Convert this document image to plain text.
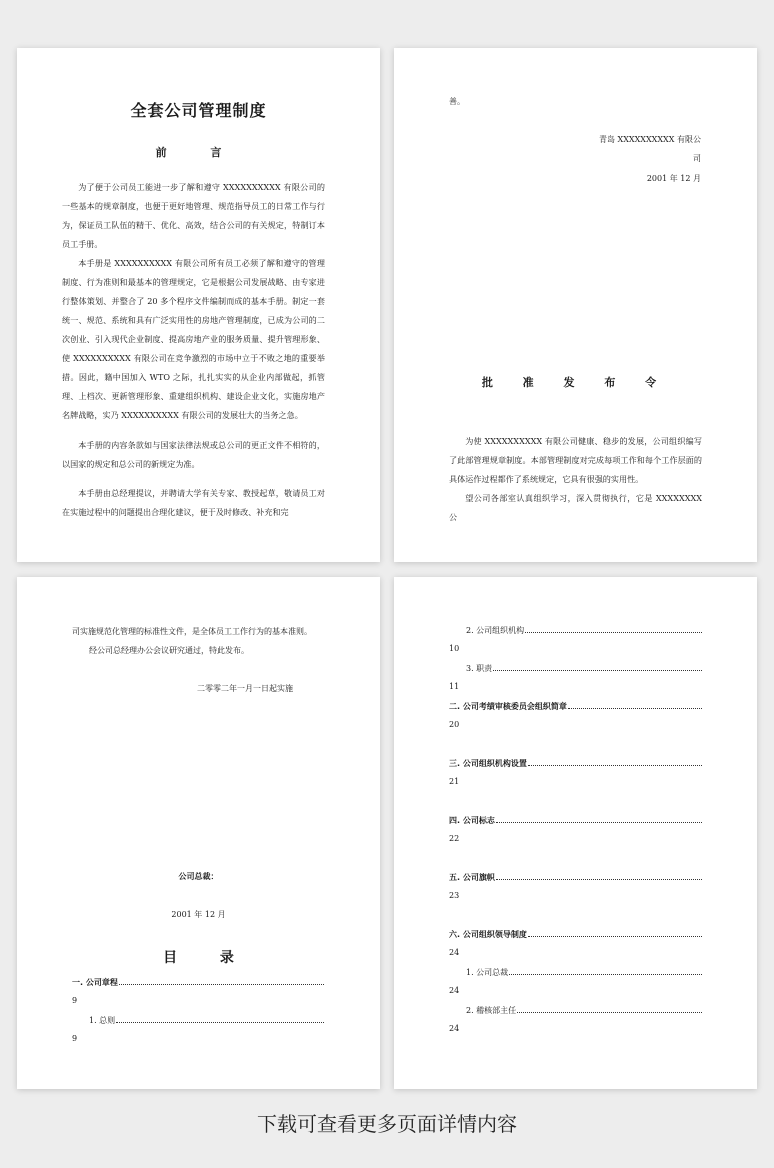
全套公司管理制度
前 言

为了便于公司员工能进一步了解和遵守 XXXXXXXXXX 有限公司的一些基本的规章制度，也便于更好地管理、规范指导员工的日常工作与行为，保证员工队伍的精干、优化、高效，结合公司的有关规定，特制订本员工手册。

本手册是 XXXXXXXXXX 有限公司所有员工必须了解和遵守的管理制度、行为准则和最基本的管理规定，它是根据公司发展战略、由专家进行整体策划、并整合了 20 多个程序文件编制而成的基本手册。制定一套统一、规范、系统和具有广泛实用性的房地产管理制度，已成为公司的二次创业、引入现代企业制度、提高房地产业的服务质量、提升管理形象、使 XXXXXXXXXX 有限公司在竞争激烈的市场中立于不败之地的重要举措。因此，籍中国加入 WTO 之际，扎扎实实的从企业内部做起，抓管理、上档次、更新管理形象、重建组织机构、建设企业文化，实施房地产名牌战略，实乃 XXXXXXXXXX 有限公司的发展壮大的当务之急。

本手册的内容条款如与国家法律法规或总公司的更正文件不相符的，以国家的规定和总公司的新规定为准。

本手册由总经理提议，并聘请大学有关专家、教授起草，敬请员工对在实施过程中的问题提出合理化建议，便于及时修改、补充和完

善。
青岛 XXXXXXXXXX 有限公
司
2001 年 12 月
批 准 发 布 令

为使 XXXXXXXXXX 有限公司健康、稳步的发展，公司组织编写了此部管理规章制度。本部管理制度对完成每项工作和每个工作层面的具体运作过程都作了系统规定，它具有很强的实用性。

望公司各部室认真组织学习，深入贯彻执行，它是 XXXXXXXX 公

司实施规范化管理的标准性文件，是全体员工工作行为的基本准则。
经公司总经理办公会议研究通过，特此发布。
二零零二年一月一日起实施
公司总裁：
2001 年 12 月
目 录
一. 公司章程
9
1. 总则
9
2. 公司组织机构
10
3. 职责
11
二. 公司考绩审核委员会组织简章
20
三. 公司组织机构设置
21
四. 公司标志
22
五. 公司旗帜
23
六. 公司组织领导制度
24
1. 公司总裁
24
2. 稽核部主任
24
下载可查看更多页面详情内容
